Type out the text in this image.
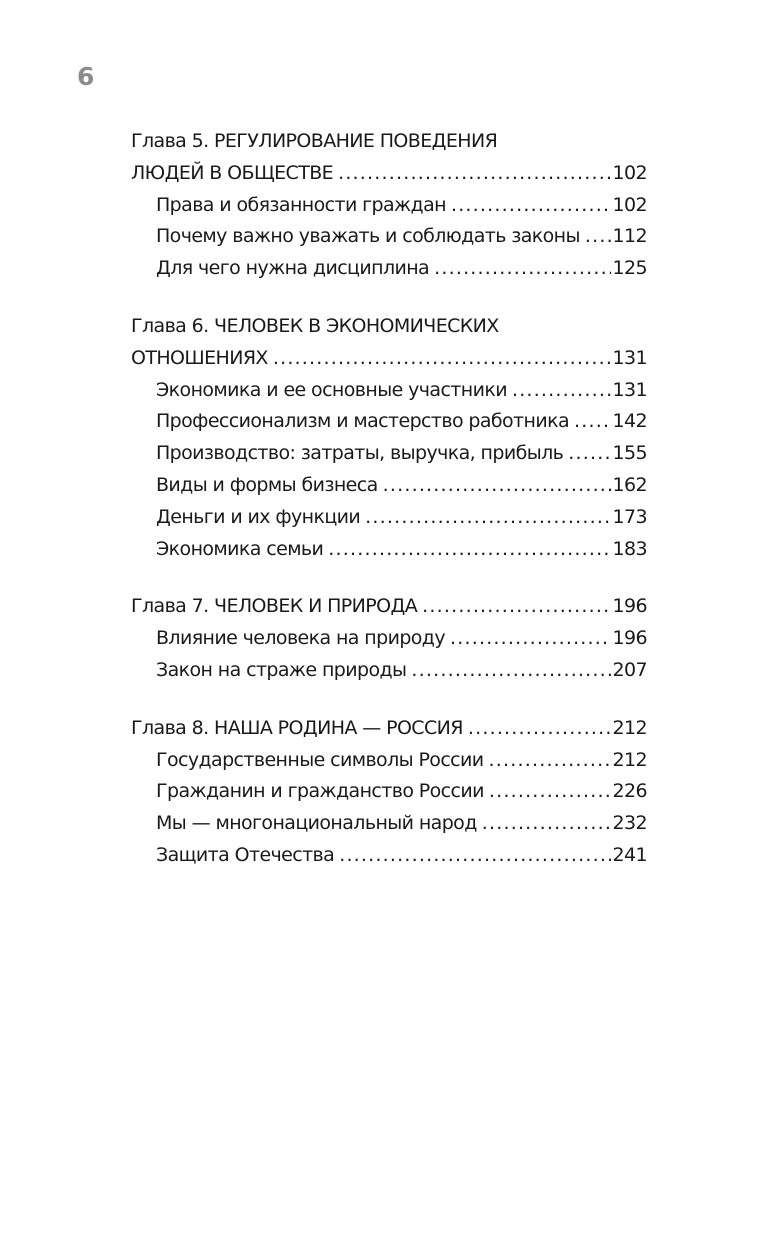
6
Глава 5. РЕГУЛИРОВАНИЕ ПОВЕДЕНИЯ
ЛЮДЕЙ В ОБЩЕСТВЕ .....	102
Права и обязанности граждан .....	102
Почему важно уважать и соблюдать законы ..... 112
Для чего нужна дисциплина .....	125
Глава 6. ЧЕЛОВЕК В ЭКОНОМИЧЕСКИХ
ОТНОШЕНИЯХ .....	131
Экономика и ее основные участники .....	131
Профессионализм и мастерство работника ..... 142
Производство: затраты, выручка, прибыль .....	155
Виды и формы бизнеса .....	162
Деньги и их функции .....	173
Экономика семьи .....	183
Глава 7. ЧЕЛОВЕК И ПРИРОДА .....	196
Влияние человека на природу .....	196
Закон на страже природы .....	207
Глава 8. НАША РОДИНА — РОССИЯ .....	212
Государственные символы России .....	212
Гражданин и гражданство России .....	226
Мы — многонациональный народ .....	232
Защита Отечества .....	241
